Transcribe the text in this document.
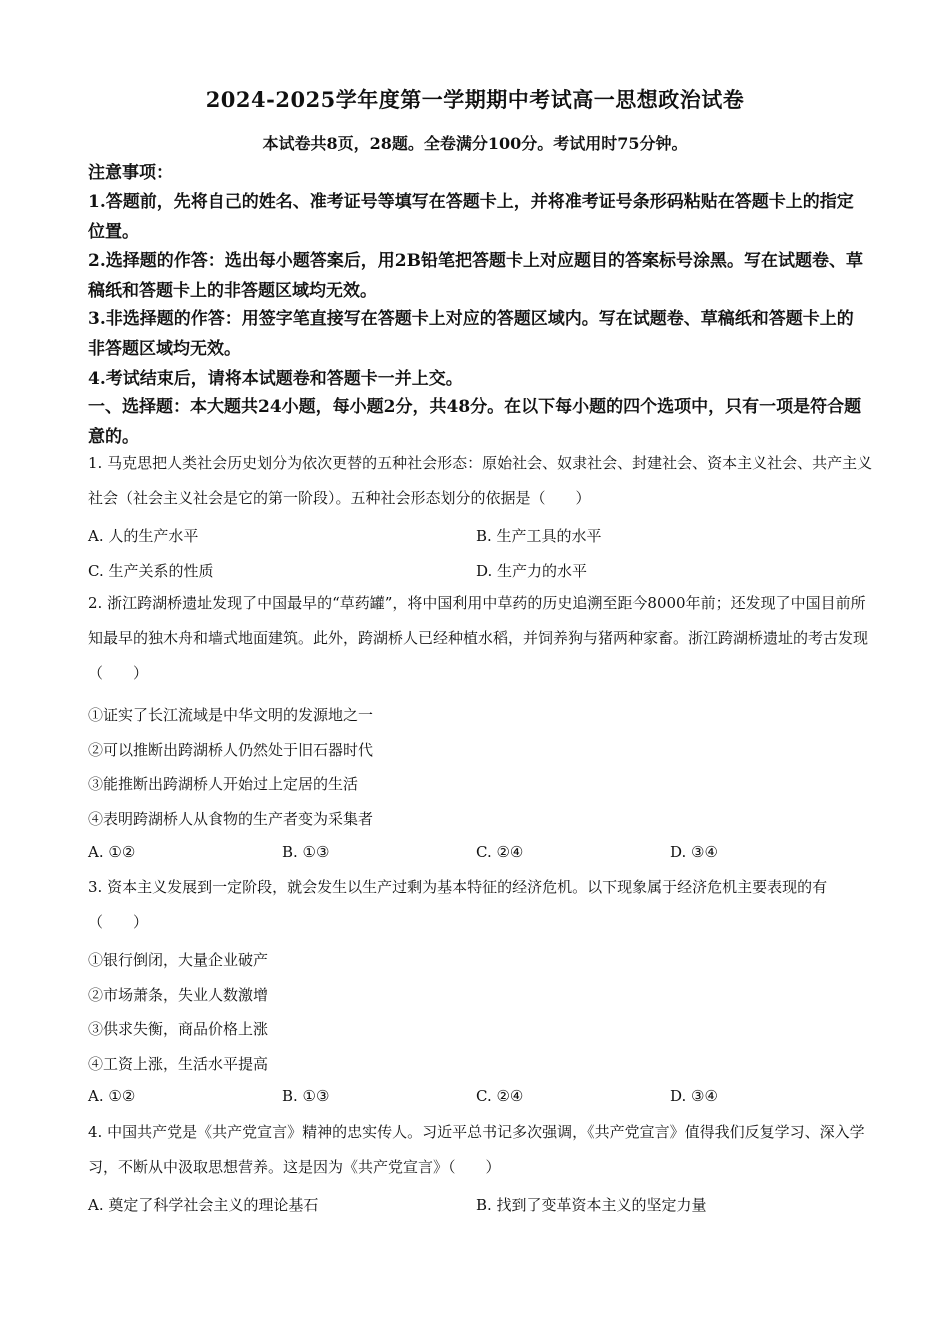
2024-2025学年度第一学期期中考试高一思想政治试卷
本试卷共8页，28题。全卷满分100分。考试用时75分钟。
注意事项：
1.答题前，先将自己的姓名、准考证号等填写在答题卡上，并将准考证号条形码粘贴在答题卡上的指定位置。
2.选择题的作答：选出每小题答案后，用2B铅笔把答题卡上对应题目的答案标号涂黑。写在试题卷、草稿纸和答题卡上的非答题区域均无效。
3.非选择题的作答：用签字笔直接写在答题卡上对应的答题区域内。写在试题卷、草稿纸和答题卡上的非答题区域均无效。
4.考试结束后，请将本试题卷和答题卡一并上交。
一、选择题：本大题共24小题，每小题2分，共48分。在以下每小题的四个选项中，只有一项是符合题意的。
1. 马克思把人类社会历史划分为依次更替的五种社会形态：原始社会、奴隶社会、封建社会、资本主义社会、共产主义社会（社会主义社会是它的第一阶段）。五种社会形态划分的依据是（　　）
A. 人的生产水平	B. 生产工具的水平
C. 生产关系的性质	D. 生产力的水平
2. 浙江跨湖桥遗址发现了中国最早的“草药罐”，将中国利用中草药的历史追溯至距今8000年前；还发现了中国目前所知最早的独木舟和墙式地面建筑。此外，跨湖桥人已经种植水稻，并饲养狗与猪两种家畜。浙江跨湖桥遗址的考古发现（　　）
①证实了长江流域是中华文明的发源地之一
②可以推断出跨湖桥人仍然处于旧石器时代
③能推断出跨湖桥人开始过上定居的生活
④表明跨湖桥人从食物的生产者变为采集者
A. ①②	B. ①③	C. ②④	D. ③④
3. 资本主义发展到一定阶段，就会发生以生产过剩为基本特征的经济危机。以下现象属于经济危机主要表现的有（　　）
①银行倒闭，大量企业破产
②市场萧条，失业人数激增
③供求失衡，商品价格上涨
④工资上涨，生活水平提高
A. ①②	B. ①③	C. ②④	D. ③④
4. 中国共产党是《共产党宣言》精神的忠实传人。习近平总书记多次强调，《共产党宣言》值得我们反复学习、深入学习，不断从中汲取思想营养。这是因为《共产党宣言》（　　）
A. 奠定了科学社会主义的理论基石	B. 找到了变革资本主义的坚定力量
